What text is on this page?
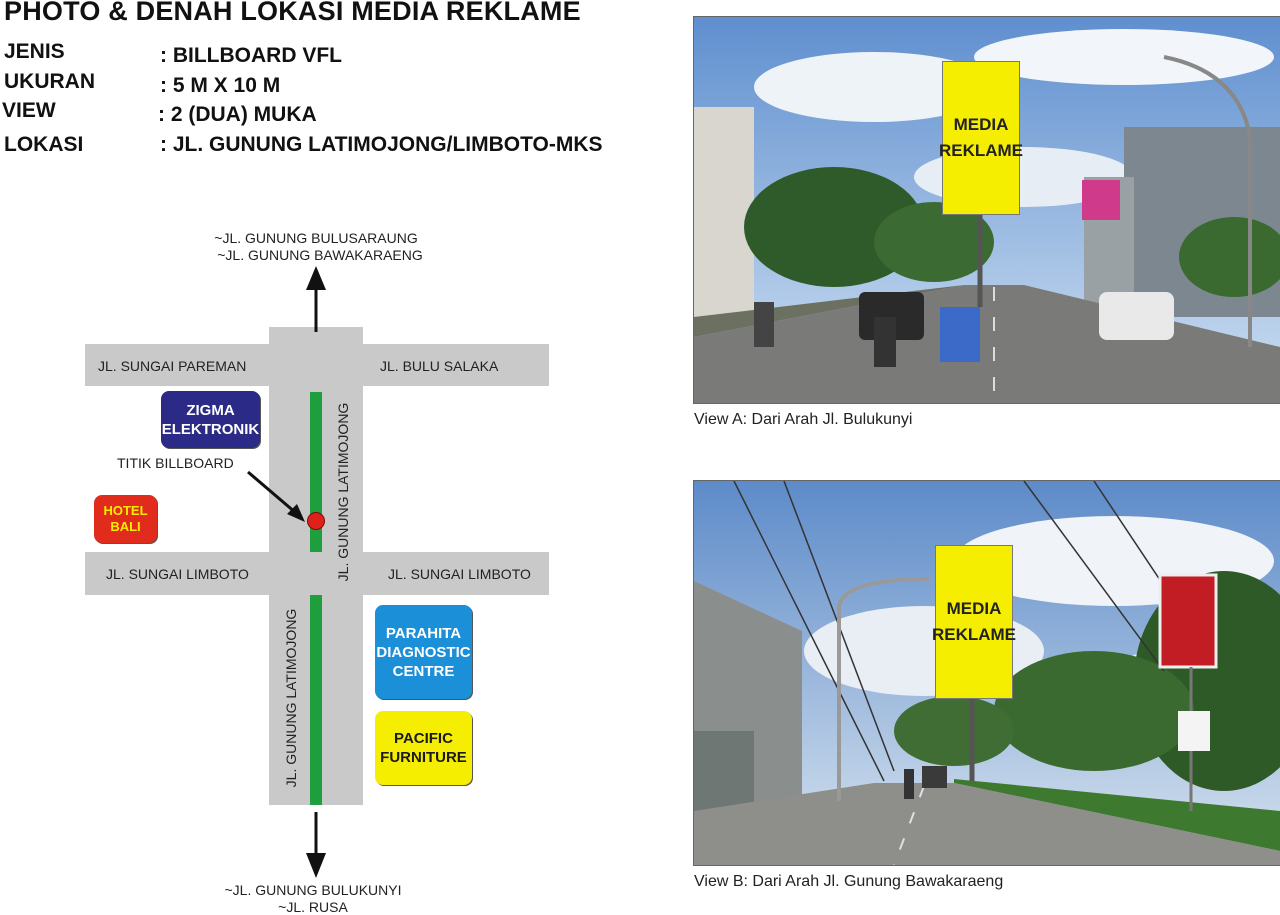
PHOTO & DENAH LOKASI MEDIA REKLAME
JENIS	: BILLBOARD VFL
UKURAN	: 5 M X 10 M
VIEW	: 2 (DUA) MUKA
LOKASI	: JL. GUNUNG LATIMOJONG/LIMBOTO-MKS
~JL. GUNUNG BULUSARAUNG
~JL. GUNUNG BAWAKARAENG
~JL. GUNUNG BULUKUNYI
~JL. RUSA
JL. SUNGAI PAREMAN	JL. BULU SALAKA
JL. SUNGAI LIMBOTO	JL. SUNGAI LIMBOTO
JL. GUNUNG LATIMOJONG
JL. GUNUNG LATIMOJONG
TITIK BILLBOARD
ZIGMA
ELEKTRONIK
HOTEL
BALI
PARAHITA
DIAGNOSTIC
CENTRE
PACIFIC
FURNITURE
MEDIA
REKLAME
View A: Dari Arah Jl. Bulukunyi
MEDIA
REKLAME
View B: Dari Arah Jl. Gunung Bawakaraeng
